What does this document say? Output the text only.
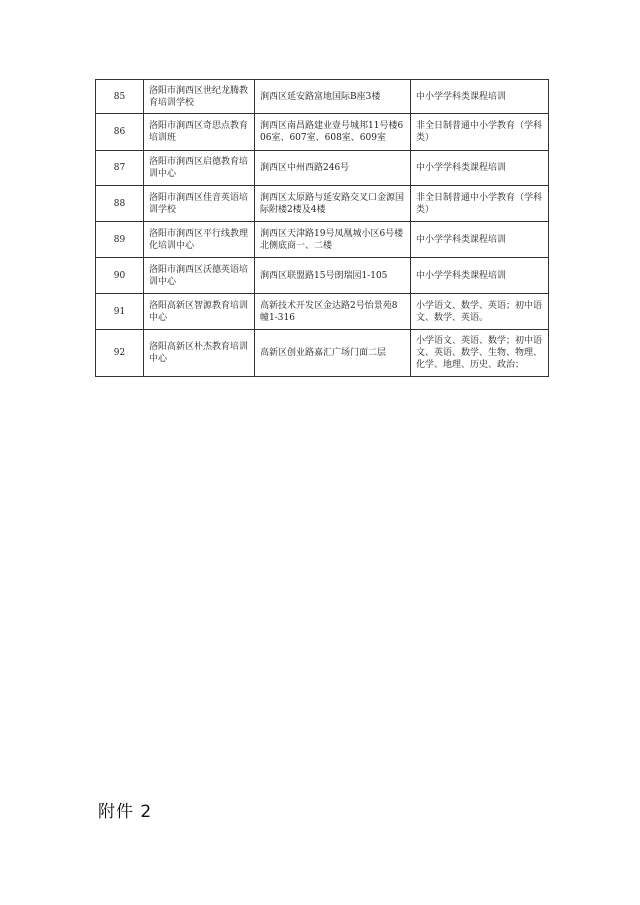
85	洛阳市涧西区世纪龙腾教育培训学校	涧西区延安路富地国际B座3楼	中小学学科类课程培训
86	洛阳市涧西区奇思点教育培训班	涧西区南昌路建业壹号城邦11号楼606室、607室、608室、609室	非全日制普通中小学教育（学科类）
87	洛阳市涧西区启德教育培训中心	涧西区中州西路246号	中小学学科类课程培训
88	洛阳市涧西区佳音英语培训学校	涧西区太原路与延安路交叉口金源国际附楼2楼及4楼	非全日制普通中小学教育（学科类）
89	洛阳市涧西区平行线教理化培训中心	涧西区天津路19号凤凰城小区6号楼北侧底商一、二楼	中小学学科类课程培训
90	洛阳市涧西区沃德英语培训中心	涧西区联盟路15号朗瑞园1-105	中小学学科类课程培训
91	洛阳高新区智源教育培训中心	高新技术开发区金达路2号怡景苑8幢1-316	小学语文、数学、英语；初中语文、数学、英语。
92	洛阳高新区朴杰教育培训中心	高新区创业路嘉汇广场门面二层	小学语文、英语、数学；初中语文、英语、数学、生物、物理、化学、地理、历史、政治；
附件 2
